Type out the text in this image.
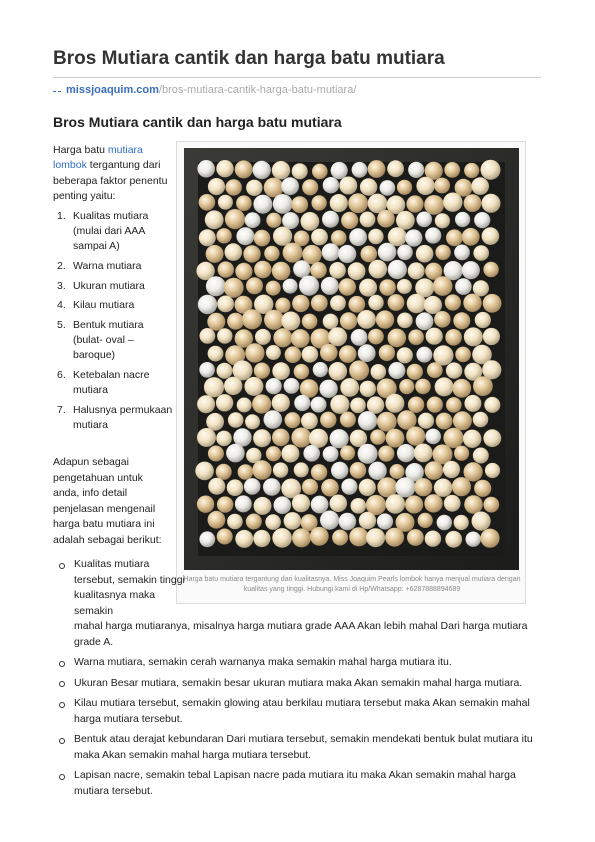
Bros Mutiara cantik dan harga batu mutiara
missjoaquim.com/bros-mutiara-cantik-harga-batu-mutiara/
Bros Mutiara cantik dan harga batu mutiara

Harga batu mutiara
lombok tergantung dari beberapa faktor penentu penting yaitu:

1. Kualitas mutiara (mulai dari AAA sampai A)
2. Warna mutiara
3. Ukuran mutiara
4. Kilau mutiara
5. Bentuk mutiara (bulat- oval – baroque)
6. Ketebalan nacre mutiara
7. Halusnya permukaan mutiara

Adapun sebagai pengetahuan untuk anda, info detail penjelasan mengenail harga batu mutiara ini adalah sebagai berikut:

Harga batu mutiara tergantung dari kualitasnya. Miss Joaquim Pearls lombok hanya menjual mutiara dengan kualitas yang tinggi. Hubungi kami di Hp/Whatsapp: +6287888894689

Kualitas mutiara tersebut, semakin tinggi kualitasnya maka semakin
mahal harga mutiaranya, misalnya harga mutiara grade AAA Akan lebih mahal Dari harga mutiara grade A.
Warna mutiara, semakin cerah warnanya maka semakin mahal harga mutiara itu.
Ukuran Besar mutiara, semakin besar ukuran mutiara maka Akan semakin mahal harga mutiara.
Kilau mutiara tersebut, semakin glowing atau berkilau mutiara tersebut maka Akan semakin mahal harga mutiara tersebut.
Bentuk atau derajat kebundaran Dari mutiara tersebut, semakin mendekati bentuk bulat mutiara itu maka Akan semakin mahal harga mutiara tersebut.
Lapisan nacre, semakin tebal Lapisan nacre pada mutiara itu maka Akan semakin mahal harga mutiara tersebut.
